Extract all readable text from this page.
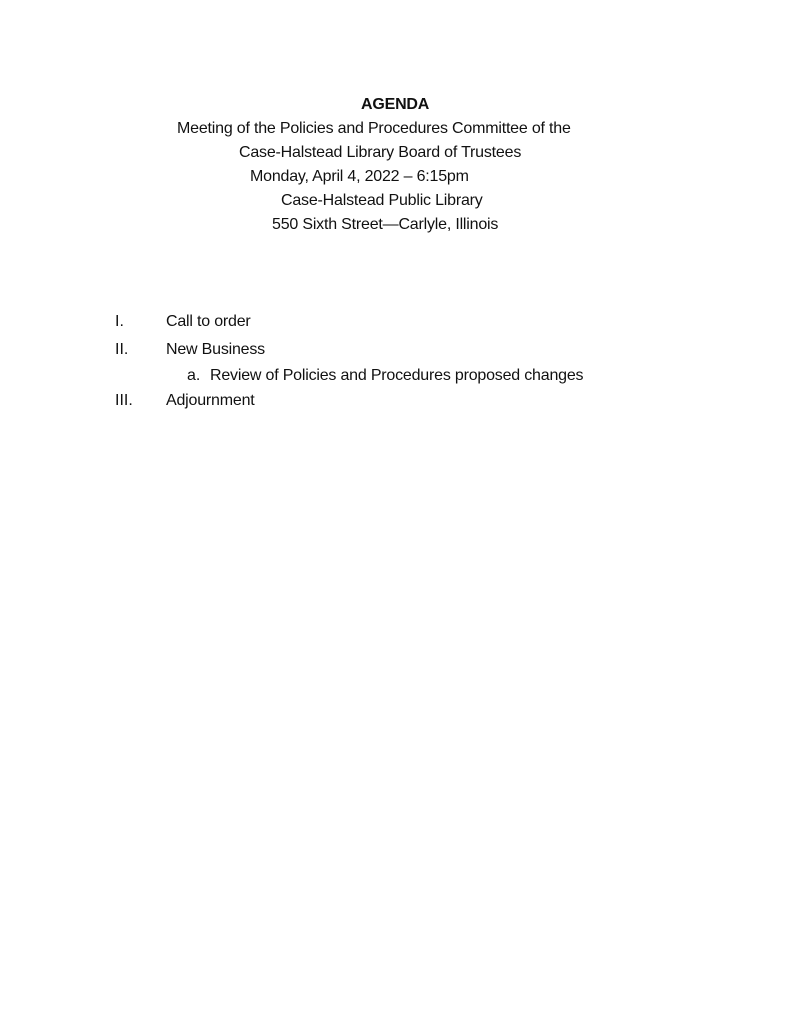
AGENDA
Meeting of the Policies and Procedures Committee of the
Case-Halstead Library Board of Trustees
Monday, April 4, 2022 – 6:15pm
Case-Halstead Public Library
550 Sixth Street—Carlyle, Illinois
I.	Call to order
II. New Business
a. Review of Policies and Procedures proposed changes
III. Adjournment
